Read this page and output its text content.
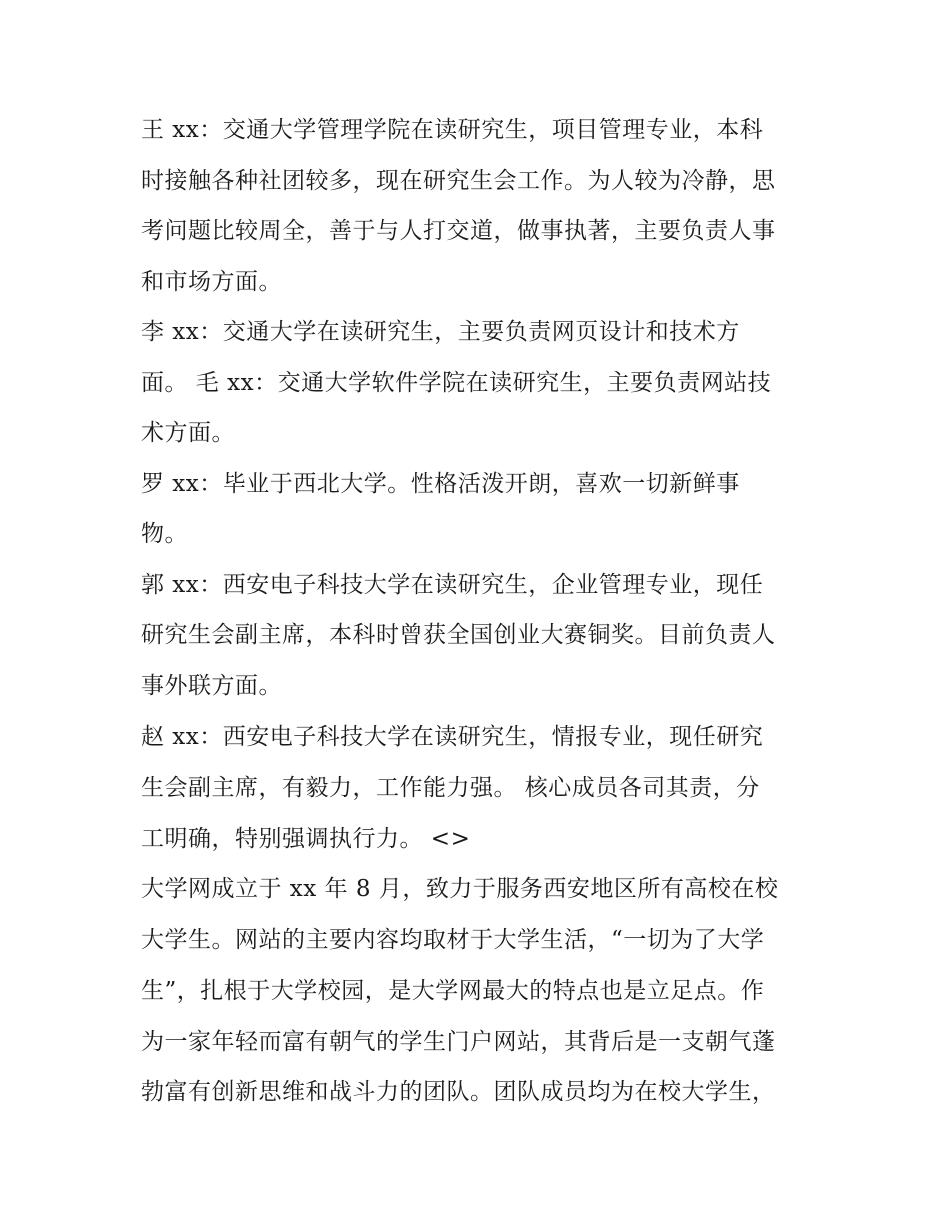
王 xx：交通大学管理学院在读研究生，项目管理专业，本科
时接触各种社团较多，现在研究生会工作。为人较为冷静，思
考问题比较周全，善于与人打交道，做事执著，主要负责人事
和市场方面。
李 xx：交通大学在读研究生，主要负责网页设计和技术方
面。 毛 xx：交通大学软件学院在读研究生，主要负责网站技
术方面。
罗 xx：毕业于西北大学。性格活泼开朗，喜欢一切新鲜事
物。
郭 xx：西安电子科技大学在读研究生，企业管理专业，现任
研究生会副主席，本科时曾获全国创业大赛铜奖。目前负责人
事外联方面。
赵 xx：西安电子科技大学在读研究生，情报专业，现任研究
生会副主席，有毅力，工作能力强。 核心成员各司其责，分
工明确，特别强调执行力。 <>
大学网成立于 xx 年 8 月，致力于服务西安地区所有高校在校
大学生。网站的主要内容均取材于大学生活，“一切为了大学
生”，扎根于大学校园，是大学网最大的特点也是立足点。作
为一家年轻而富有朝气的学生门户网站，其背后是一支朝气蓬
勃富有创新思维和战斗力的团队。团队成员均为在校大学生，
